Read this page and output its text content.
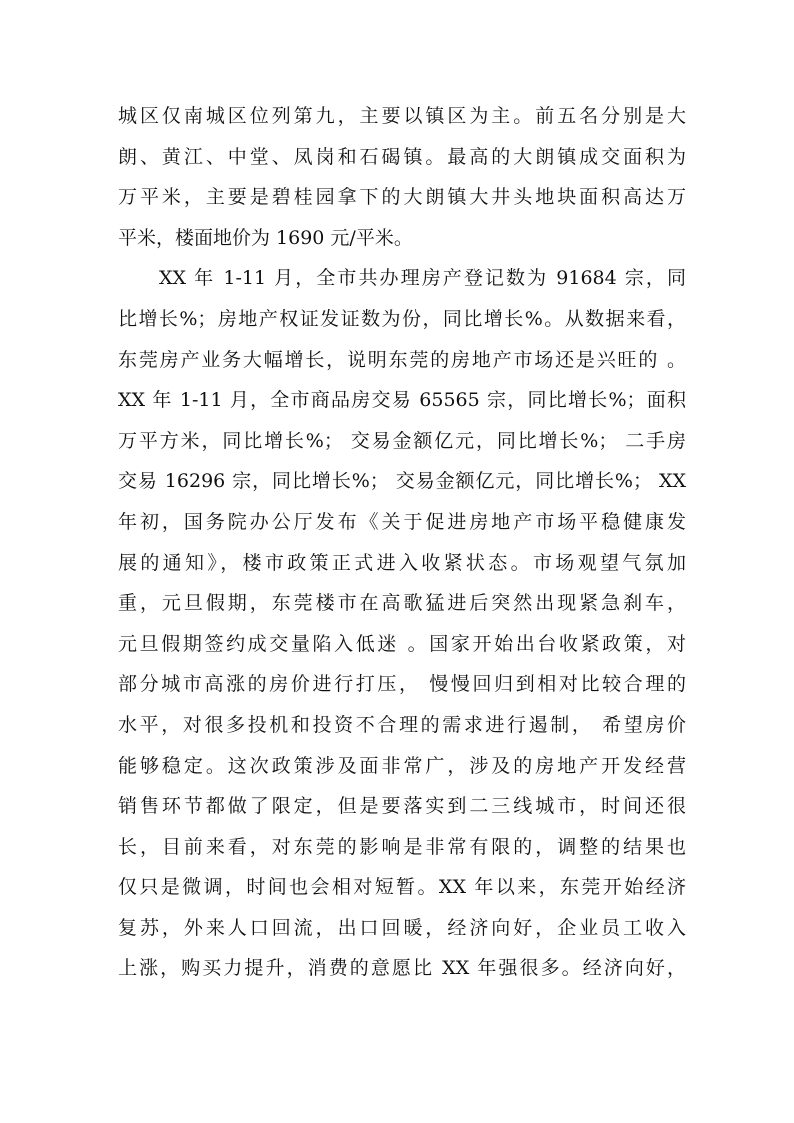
城区仅南城区位列第九，主要以镇区为主。前五名分别是大
朗、黄江、中堂、凤岗和石碣镇。最高的大朗镇成交面积为
万平米，主要是碧桂园拿下的大朗镇大井头地块面积高达万
平米，楼面地价为 1690 元/平米。
XX 年 1-11 月，全市共办理房产登记数为 91684 宗，同
比增长%；房地产权证发证数为份，同比增长%。从数据来看，
东莞房产业务大幅增长，说明东莞的房地产市场还是兴旺的 。
XX 年 1-11 月，全市商品房交易 65565 宗，同比增长%；面积
万平方米，同比增长%； 交易金额亿元，同比增长%； 二手房
交易 16296 宗，同比增长%； 交易金额亿元，同比增长%； XX
年初，国务院办公厅发布《关于促进房地产市场平稳健康发
展的通知》，楼市政策正式进入收紧状态。市场观望气氛加
重，元旦假期，东莞楼市在高歌猛进后突然出现紧急刹车，
元旦假期签约成交量陷入低迷 。国家开始出台收紧政策，对
部分城市高涨的房价进行打压， 慢慢回归到相对比较合理的
水平，对很多投机和投资不合理的需求进行遏制， 希望房价
能够稳定。这次政策涉及面非常广，涉及的房地产开发经营
销售环节都做了限定，但是要落实到二三线城市，时间还很
长，目前来看，对东莞的影响是非常有限的，调整的结果也
仅只是微调，时间也会相对短暂。XX 年以来，东莞开始经济
复苏，外来人口回流，出口回暖，经济向好，企业员工收入
上涨，购买力提升，消费的意愿比 XX 年强很多。经济向好，
